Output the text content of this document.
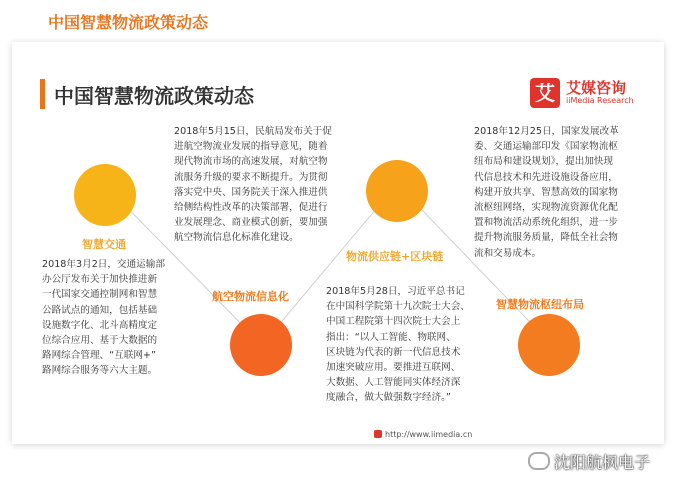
中国智慧物流政策动态
中国智慧物流政策动态	艾 艾媒咨询
iiMedia Research
智慧交通
2018年3月2日，交通运输部
办公厅发布关于加快推进新
一代国家交通控制网和智慧
公路试点的通知，包括基础
设施数字化、北斗高精度定
位综合应用、基于大数据的
路网综合管理、“互联网+”
路网综合服务等六大主题。
航空物流信息化
2018年5月15日，民航局发布关于促
进航空物流业发展的指导意见，随着
现代物流市场的高速发展，对航空物
流服务升级的要求不断提升。为贯彻
落实党中央、国务院关于深入推进供
给侧结构性改革的决策部署，促进行
业发展理念、商业模式创新，要加强
航空物流信息化标准化建设。
物流供应链+区块链
2018年5月28日，习近平总书记
在中国科学院第十九次院士大会、
中国工程院第十四次院士大会上
指出：“以人工智能、物联网、
区块链为代表的新一代信息技术
加速突破应用。要推进互联网、
大数据、人工智能同实体经济深
度融合，做大做强数字经济。”
智慧物流枢纽布局
2018年12月25日，国家发展改革
委、交通运输部印发《国家物流枢
纽布局和建设规划》，提出加快现
代信息技术和先进设施设备应用，
构建开放共享、智慧高效的国家物
流枢纽网络，实现物流资源优化配
置和物流活动系统化组织，进一步
提升物流服务质量，降低全社会物
流和交易成本。
http://www.iimedia.cn
沈阳航枫电子
